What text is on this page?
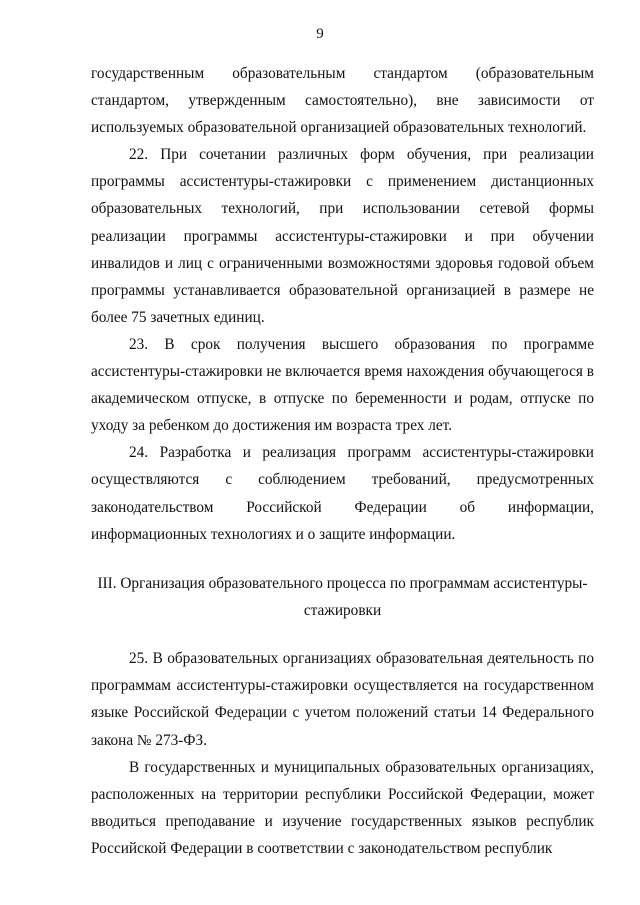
9

государственным образовательным стандартом (образовательным стандартом, утвержденным самостоятельно), вне зависимости от используемых образовательной организацией образовательных технологий.

22. При сочетании различных форм обучения, при реализации программы ассистентуры-стажировки с применением дистанционных образовательных технологий, при использовании сетевой формы реализации программы ассистентуры-стажировки и при обучении инвалидов и лиц с ограниченными возможностями здоровья годовой объем программы устанавливается образовательной организацией в размере не более 75 зачетных единиц.

23. В срок получения высшего образования по программе ассистентуры-стажировки не включается время нахождения обучающегося в академическом отпуске, в отпуске по беременности и родам, отпуске по уходу за ребенком до достижения им возраста трех лет.

24. Разработка и реализация программ ассистентуры-стажировки осуществляются с соблюдением требований, предусмотренных законодательством Российской Федерации об информации, информационных технологиях и о защите информации.

III. Организация образовательного процесса по программам ассистентуры-стажировки

25. В образовательных организациях образовательная деятельность по программам ассистентуры-стажировки осуществляется на государственном языке Российской Федерации с учетом положений статьи 14 Федерального закона № 273-ФЗ.

В государственных и муниципальных образовательных организациях, расположенных на территории республики Российской Федерации, может вводиться преподавание и изучение государственных языков республик Российской Федерации в соответствии с законодательством республик
